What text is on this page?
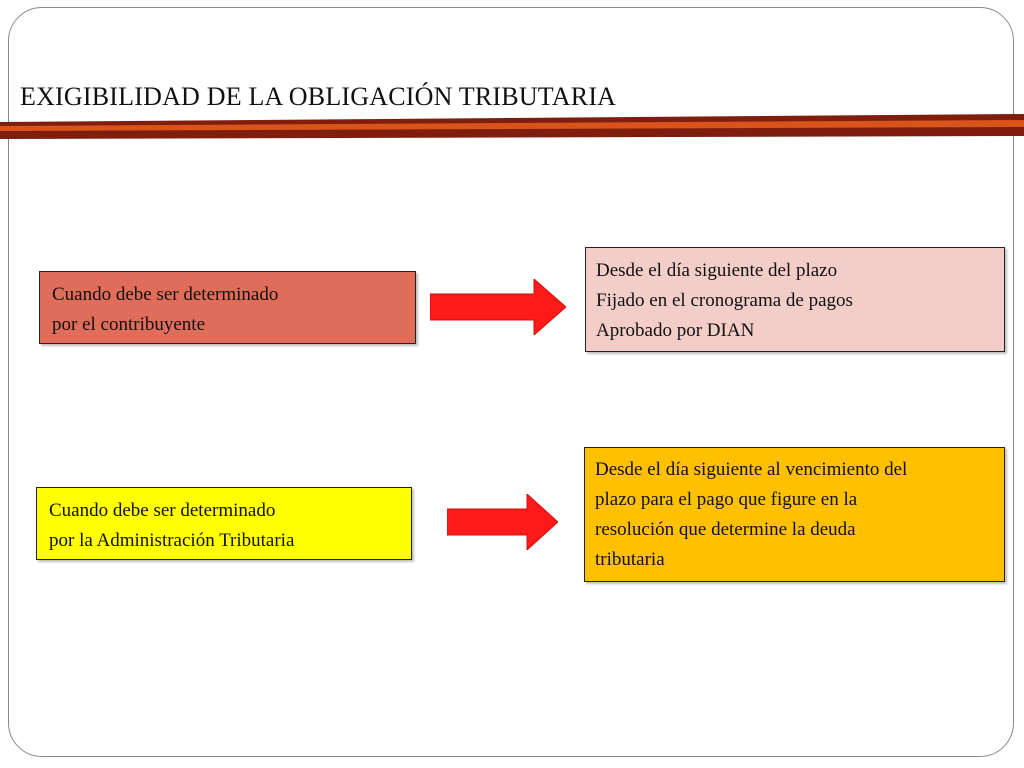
EXIGIBILIDAD DE LA OBLIGACIÓN TRIBUTARIA
Cuando debe ser determinado
por el contribuyente
Desde el día siguiente del plazo
Fijado en el cronograma de pagos
Aprobado por DIAN
Cuando debe ser determinado
por la Administración Tributaria
Desde el día siguiente al vencimiento del
plazo para el pago que figure en la
resolución que determine la deuda
tributaria
